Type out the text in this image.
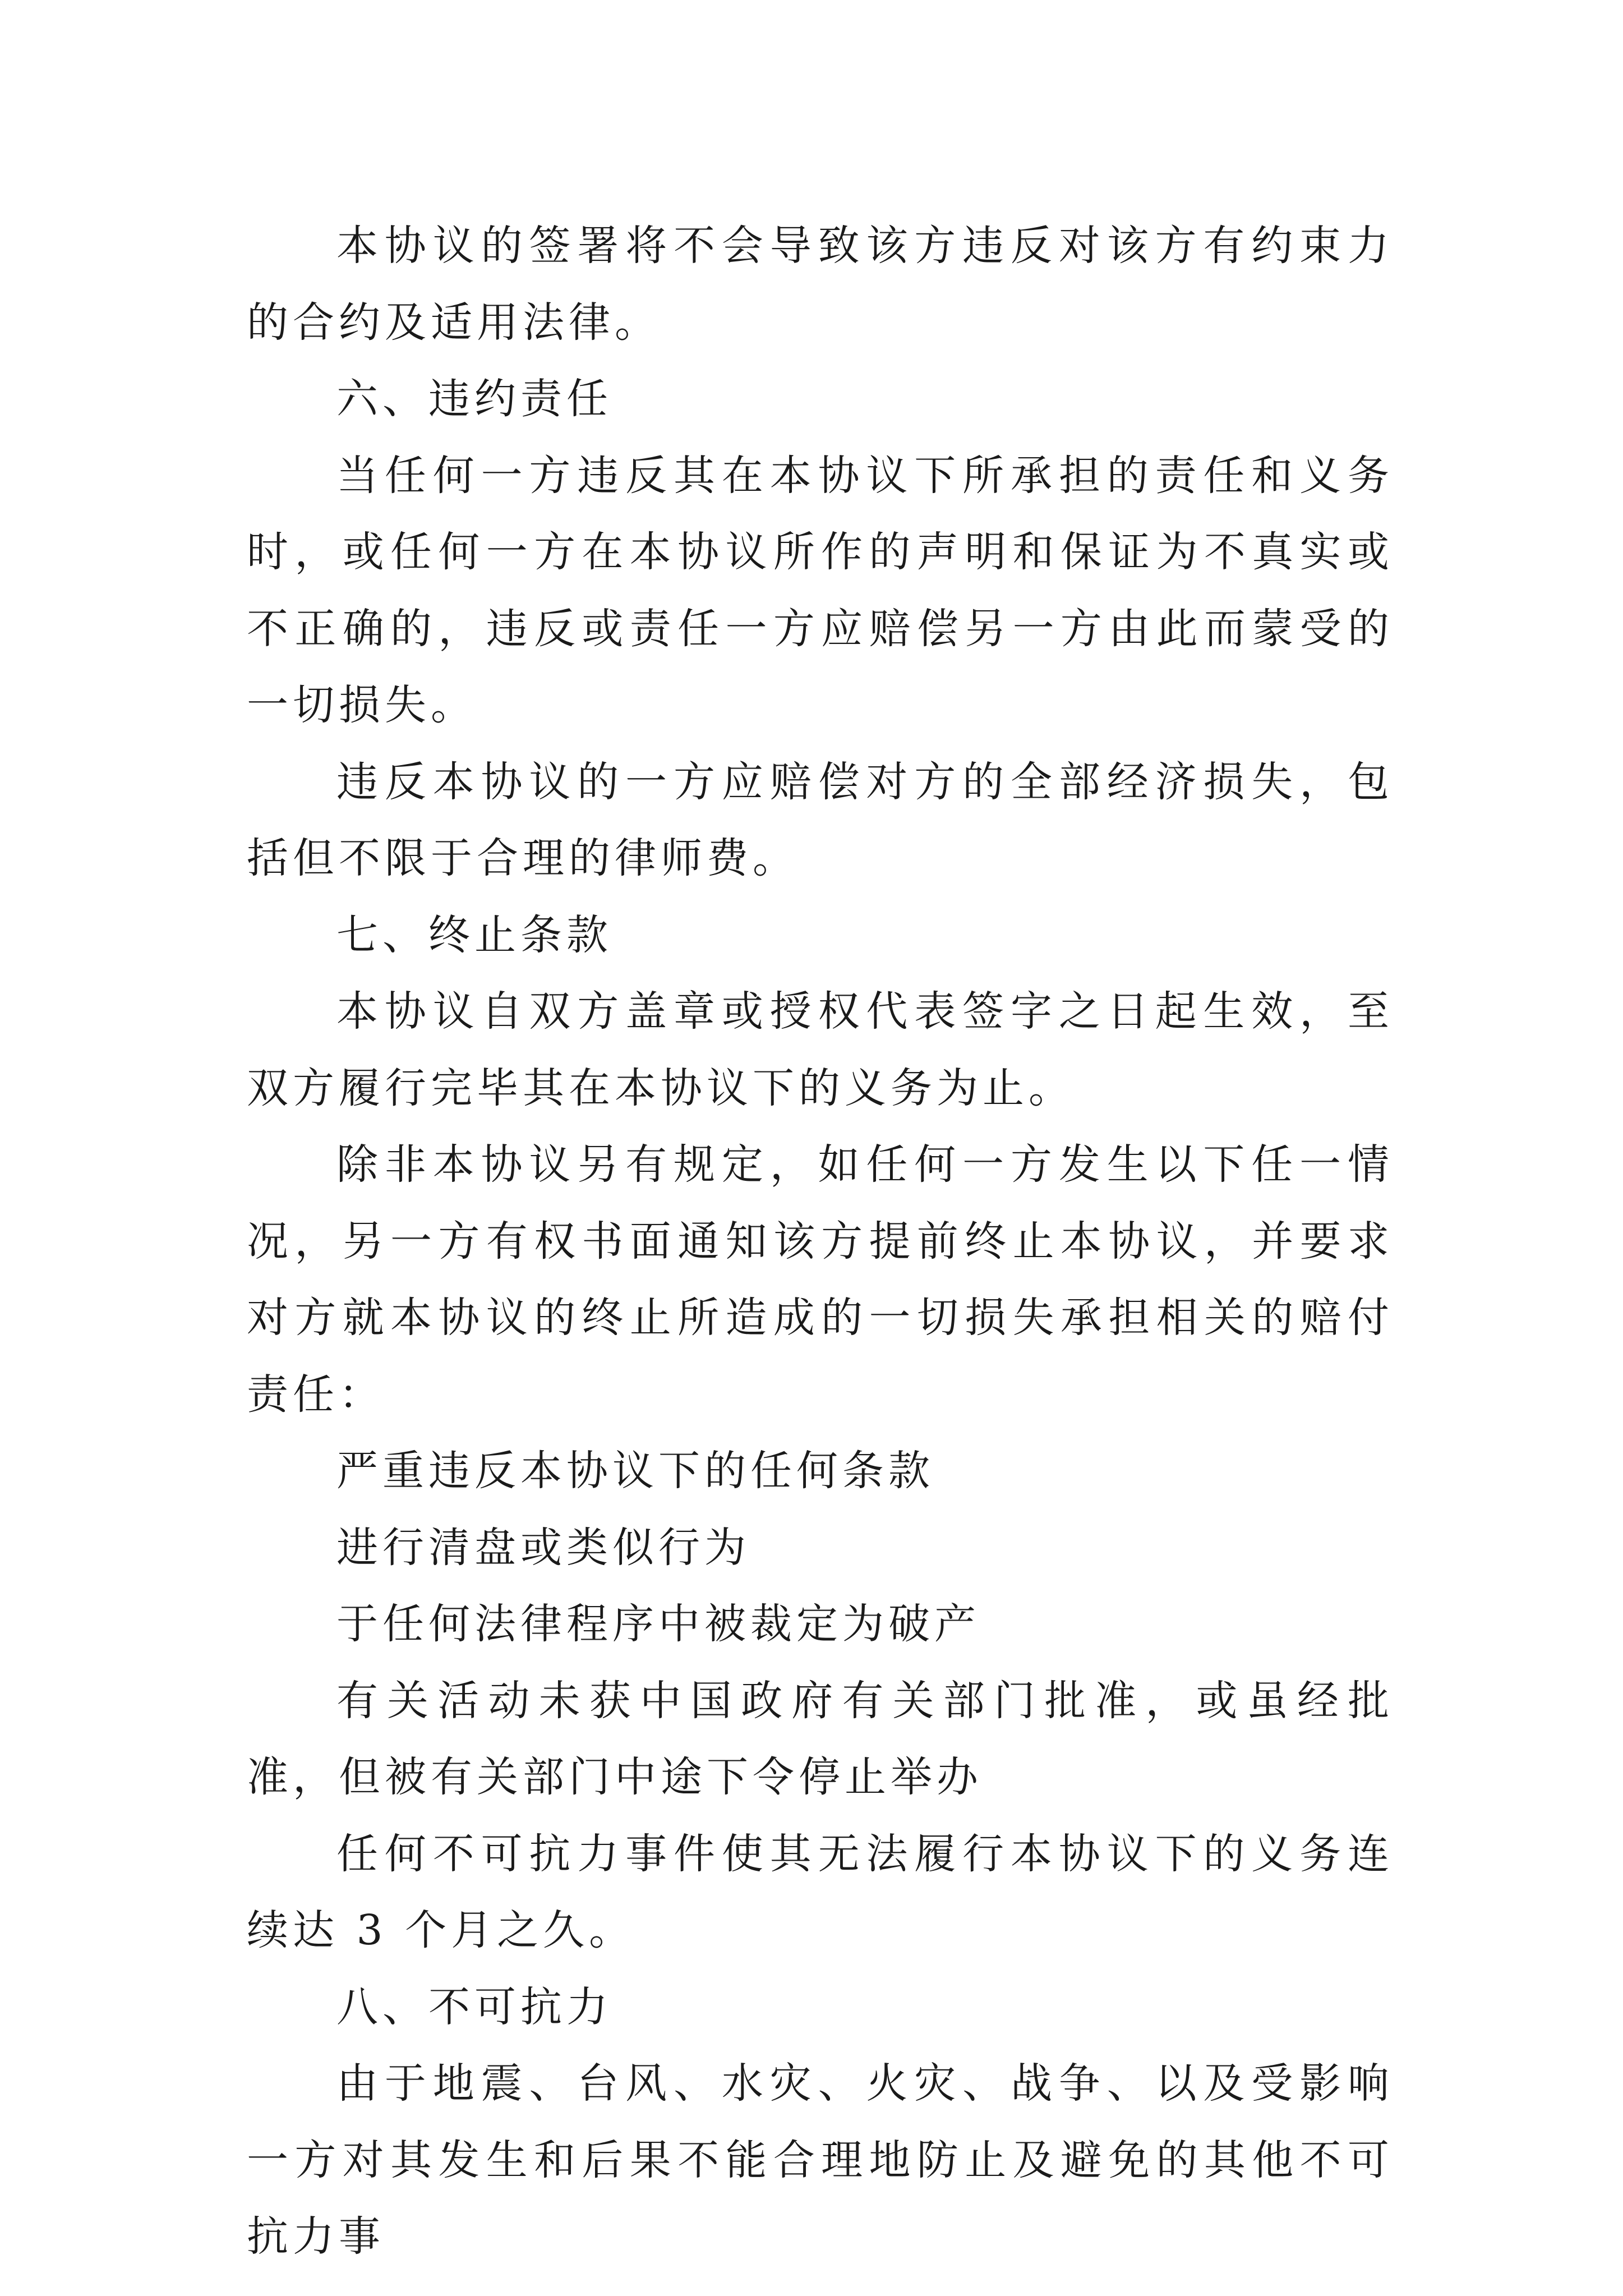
本协议的签署将不会导致该方违反对该方有约束力的合约及适用法律。

六、违约责任

当任何一方违反其在本协议下所承担的责任和义务时，或任何一方在本协议所作的声明和保证为不真实或不正确的，违反或责任一方应赔偿另一方由此而蒙受的一切损失。

违反本协议的一方应赔偿对方的全部经济损失，包括但不限于合理的律师费。

七、终止条款

本协议自双方盖章或授权代表签字之日起生效，至双方履行完毕其在本协议下的义务为止。

除非本协议另有规定，如任何一方发生以下任一情况，另一方有权书面通知该方提前终止本协议，并要求对方就本协议的终止所造成的一切损失承担相关的赔付责任：

严重违反本协议下的任何条款

进行清盘或类似行为

于任何法律程序中被裁定为破产

有关活动未获中国政府有关部门批准，或虽经批准，但被有关部门中途下令停止举办

任何不可抗力事件使其无法履行本协议下的义务连续达 3 个月之久。

八、不可抗力

由于地震、台风、水灾、火灾、战争、以及受影响一方对其发生和后果不能合理地防止及避免的其他不可抗力事
